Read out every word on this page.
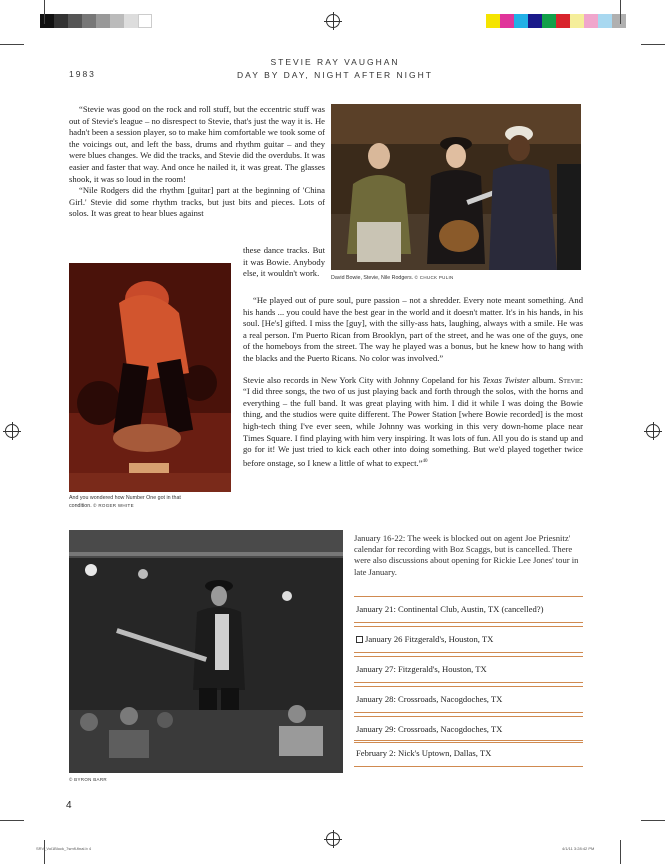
1983
STEVIE RAY VAUGHAN
DAY BY DAY, NIGHT AFTER NIGHT

“Stevie was good on the rock and roll stuff, but the eccentric stuff was out of Stevie's league – no disrespect to Stevie, that's just the way it is. He hadn't been a session player, so to make him comfortable we took some of the voicings out, and left the bass, drums and rhythm guitar – and they were blues changes. We did the tracks, and Stevie did the overdubs. It was easier and faster that way. And once he nailed it, it was great. The glasses shook, it was so loud in the room!

“Nile Rodgers did the rhythm [guitar] part at the beginning of 'China Girl.' Stevie did some rhythm tracks, but just bits and pieces. Lots of solos. It was great to hear blues against

these dance tracks. But it was Bowie. Anybody else, it wouldn't work.	David Bowie, Stevie, Nile Rodgers. © CHUCK PULIN
And you wondered how Number One got in that
condition. © ROGER WHITE

“He played out of pure soul, pure passion – not a shredder. Every note meant something. And his hands ... you could have the best gear in the world and it doesn't matter. It's in his hands, in his soul. [He's] gifted. I miss the [guy], with the silly-ass hats, laughing, always with a smile. He was a real person. I'm Puerto Rican from Brooklyn, part of the street, and he was one of the guys, one of the homeboys from the street. The way he played was a bonus, but he knew how to hang with the blacks and the Puerto Ricans. No color was involved.”

Stevie also records in New York City with Johnny Copeland for his Texas Twister album. Stevie: “I did three songs, the two of us just playing back and forth through the solos, with the horns and everything – the full band. It was great playing with him. I did it while I was doing the Bowie thing, and the studios were quite different. The Power Station [where Bowie recorded] is the most high-tech thing I've ever seen, while Johnny was working in this very down-home place near Times Square. I find playing with him very inspiring. It was lots of fun. All you do is stand up and go for it! We just tried to kick each other into doing something. But we'd played together twice before onstage, so I knew a little of what to expect.”$^{40}$

© BYRON BARR
January 16-22: The week is blocked out on agent Joe Priesnitz' calendar for recording with Boz Scaggs, but is cancelled. There were also discussions about opening for Rickie Lee Jones' tour in late January.
January 21: Continental Club, Austin, TX (cancelled?)
January 26 Fitzgerald's, Houston, TX
January 27: Fitzgerald's, Houston, TX
January 28: Crossroads, Nacogdoches, TX
January 29: Crossroads, Nacogdoches, TX
February 2: Nick's Uptown, Dallas, TX
4
SRV_Vol1Block_7smfl-final.b 4	4/1/11 3:28:42 PM
